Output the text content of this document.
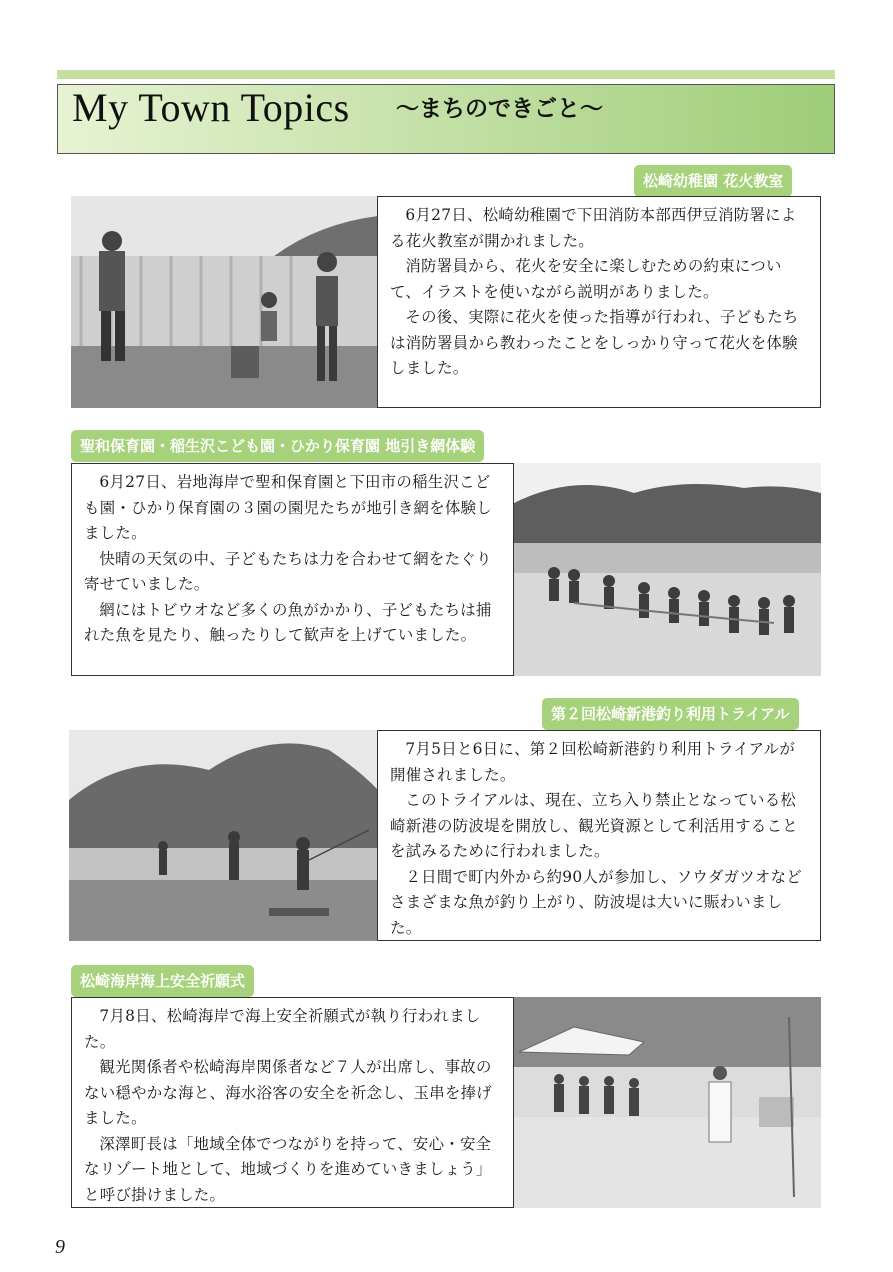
My Town Topics 〜まちのできごと〜
松崎幼稚園 花火教室

6月27日、松崎幼稚園で下田消防本部西伊豆消防署による花火教室が開かれました。

消防署員から、花火を安全に楽しむための約束について、イラストを使いながら説明がありました。

その後、実際に花火を使った指導が行われ、子どもたちは消防署員から教わったことをしっかり守って花火を体験しました。

聖和保育園・稲生沢こども園・ひかり保育園 地引き網体験

6月27日、岩地海岸で聖和保育園と下田市の稲生沢こども園・ひかり保育園の３園の園児たちが地引き網を体験しました。

快晴の天気の中、子どもたちは力を合わせて網をたぐり寄せていました。

網にはトビウオなど多くの魚がかかり、子どもたちは捕れた魚を見たり、触ったりして歓声を上げていました。

第２回松崎新港釣り利用トライアル

7月5日と6日に、第２回松崎新港釣り利用トライアルが開催されました。

このトライアルは、現在、立ち入り禁止となっている松崎新港の防波堤を開放し、観光資源として利活用することを試みるために行われました。

２日間で町内外から約90人が参加し、ソウダガツオなどさまざまな魚が釣り上がり、防波堤は大いに賑わいました。

松崎海岸海上安全祈願式

7月8日、松崎海岸で海上安全祈願式が執り行われました。

観光関係者や松崎海岸関係者など７人が出席し、事故のない穏やかな海と、海水浴客の安全を祈念し、玉串を捧げました。

深澤町長は「地域全体でつながりを持って、安心・安全なリゾート地として、地域づくりを進めていきましょう」と呼び掛けました。

9
